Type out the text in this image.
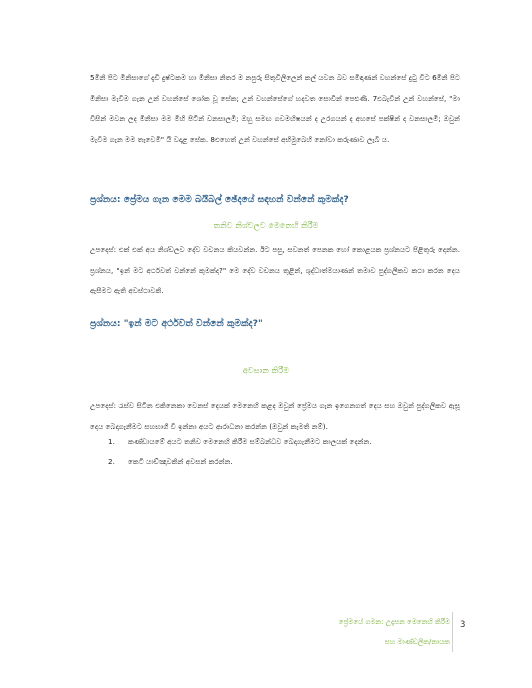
5මිනි පිට මිනිසාගේ දැඩි දුෂ්ටකම හා මිනිසා නිතර ම නපුරු සිතුවිලිලෙන් කල් යවන බව සමිඳාණන් වහන්සේ දුටු විට 6මිනි පිට මිනිසා මැවීම ගැන උන් වහන්සේ ශෝක වූ සේක; උන් වහන්සේගේ හදවත සොවින් පෙළුණි. 7එබැවින් උන් වහන්සේ, "මා විසින් මවන ලද මිනිසා මම මිහි පිටින් වනසාලමි; ඔහු සමඟ ගවමහිෂයන් ද උරගයන් ද අහසේ පක්ෂීන් ද වනසාලමි; ඔවුන් මැවීම ගැන මම තැවෙමි" යි වදාළ සේක. 8එහෙත් උන් වහන්සේ අභිමුඛෙහි නෝවා කරුණාව ලැබී ය.

ප්‍රශ්නය: ප්‍රේමය ගැන මෙම බයිබල් ඡේදයේ සඳහන් වන්නේ කුමක්ද?

තනිව නිශ්චලව මෙනෙහි කිරීම

උපදෙස්: එක් එක් අය නිශ්චලව දේව වචනය කියවන්න. ඊට පසු, සවනත් පෙනක හෝ කොළයක ප්‍රශ්නයට පිළිතුරු දෙන්න. ප්‍රශ්නය, "ඉන් මට අර්ථවත් වන්නේ කුමක්ද?" මෙ දේව වචනය තුළින්, ශුද්ධාත්මයාණන් තමාව පුද්ගලිකව කථා කරන දෙය ඇසීමට ඇති අවස්ථාවකි.

ප්‍රශ්නය: "ඉන් මට අර්ථවත් වන්නේ කුමක්ද?"

අවසාන කිරීම

උපදෙස්: රැස්ව සිටින එකිනෙකා වෙනස් දෙයක් මෙනෙහි කළද ඔවුන් ප්‍රේමය ගැන ඉගෙනගත් දෙය සහ ඔවුන් පුද්ගලිකව ඇසූ දෙය බෙදාගැනීමට සහභාගී වී ඉන්නා අයට ආරාධනා කරන්න (ඔවුන් කැමති නම්).

1.	කණ්ඩායමේ අයට තනිව මෙනෙහි කිරීම සම්බන්ධව බෙදාගැනීමට කාලයක් දෙන්න.
2.	කෙටි යාච්ඤාවකින් අවසන් කරන්න.

ප්‍රේමයේ ගමන: උදෑසන මෙනෙහි කිරීම

සහ මාණ්ඩලික/නායක

3
